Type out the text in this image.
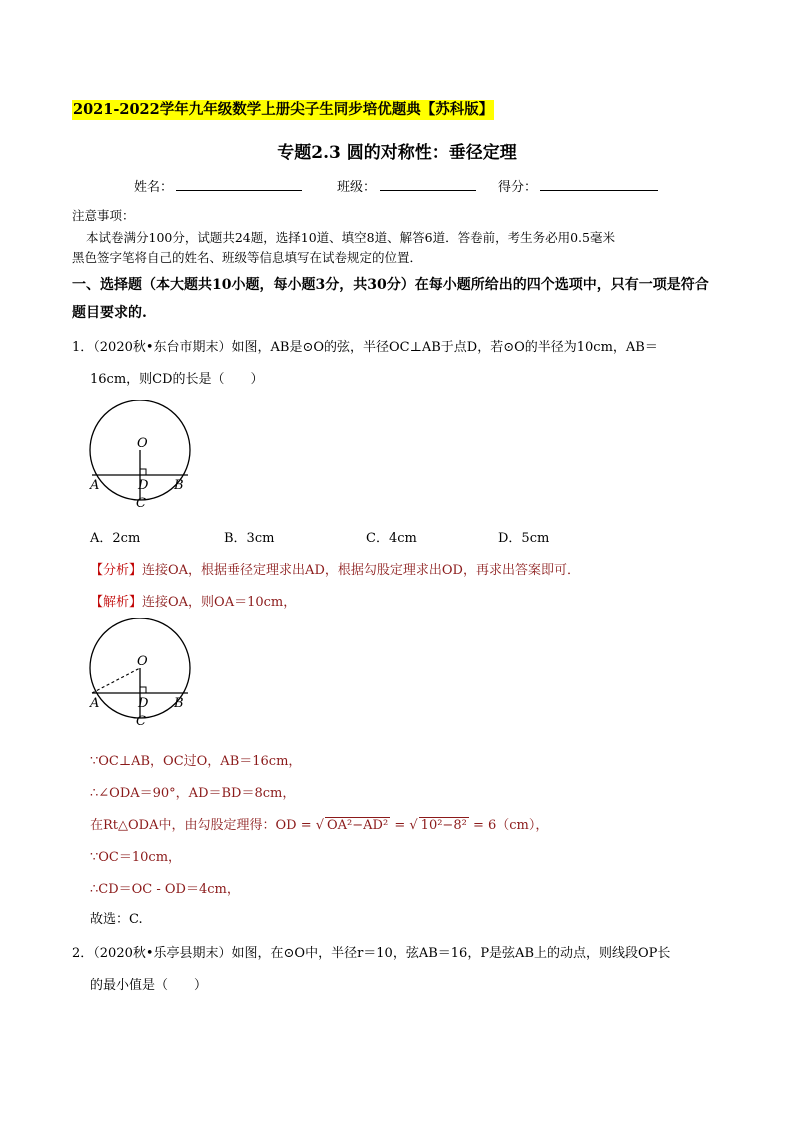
2021-2022学年九年级数学上册尖子生同步培优题典【苏科版】
专题2.3 圆的对称性：垂径定理
姓名：	班级：	得分：
注意事项：
本试卷满分100分，试题共24题，选择10道、填空8道、解答6道．答卷前，考生务必用0.5毫米
黑色签字笔将自己的姓名、班级等信息填写在试卷规定的位置．
一、选择题（本大题共10小题，每小题3分，共30分）在每小题所给出的四个选项中，只有一项是符合
题目要求的.
1．（2020秋•东台市期末）如图，AB是⊙O的弦，半径OC⊥AB于点D，若⊙O的半径为10cm，AB＝
16cm，则CD的长是（　　）
O
A	B
D
C
A．2cm	B．3cm	C．4cm	D．5cm
【分析】连接OA，根据垂径定理求出AD，根据勾股定理求出OD，再求出答案即可．
【解析】连接OA，则OA＝10cm，
O
A	B
D
C
∵OC⊥AB，OC过O，AB＝16cm，
∴∠ODA＝90°，AD＝BD＝8cm，
在Rt△ODA中，由勾股定理得：OD = √ OA²−AD² = √ 10²−8² = 6（cm），
∵OC＝10cm，
∴CD＝OC - OD＝4cm，
故选：C.
2．（2020秋•乐亭县期末）如图，在⊙O中，半径r＝10，弦AB＝16，P是弦AB上的动点，则线段OP长
的最小值是（　　）
